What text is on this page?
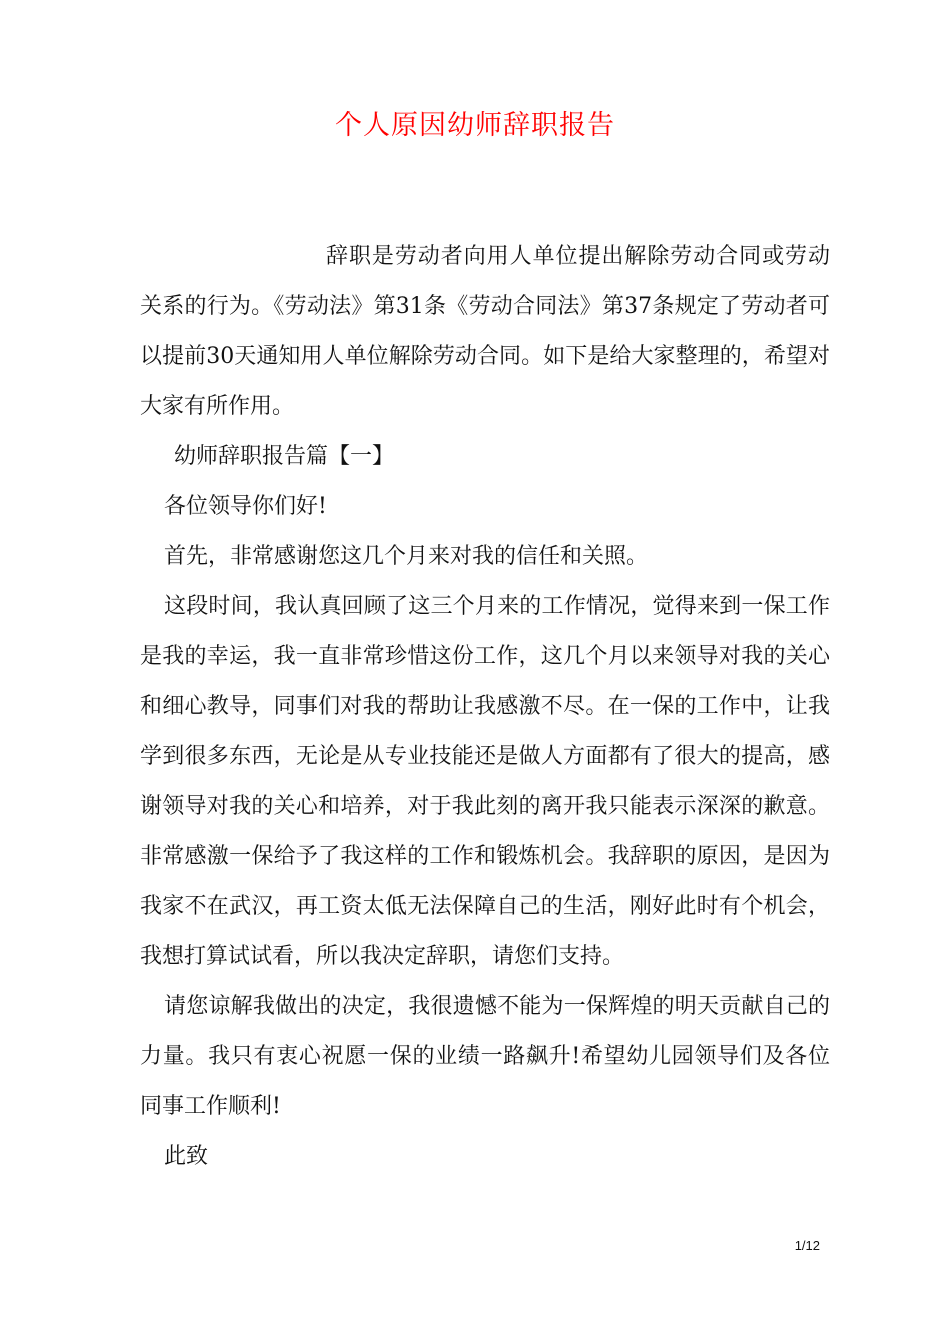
个人原因幼师辞职报告

辞职是劳动者向用人单位提出解除劳动合同或劳动关系的行为。《劳动法》第31条《劳动合同法》第37条规定了劳动者可以提前30天通知用人单位解除劳动合同。如下是给大家整理的，希望对大家有所作用。

幼师辞职报告篇【一】

各位领导你们好!

首先，非常感谢您这几个月来对我的信任和关照。

这段时间，我认真回顾了这三个月来的工作情况，觉得来到一保工作是我的幸运，我一直非常珍惜这份工作，这几个月以来领导对我的关心和细心教导，同事们对我的帮助让我感激不尽。在一保的工作中，让我学到很多东西，无论是从专业技能还是做人方面都有了很大的提高，感谢领导对我的关心和培养，对于我此刻的离开我只能表示深深的歉意。非常感激一保给予了我这样的工作和锻炼机会。我辞职的原因，是因为我家不在武汉，再工资太低无法保障自己的生活，刚好此时有个机会，我想打算试试看，所以我决定辞职，请您们支持。

请您谅解我做出的决定，我很遗憾不能为一保辉煌的明天贡献自己的力量。我只有衷心祝愿一保的业绩一路飙升!希望幼儿园领导们及各位同事工作顺利!

此致

1/12
